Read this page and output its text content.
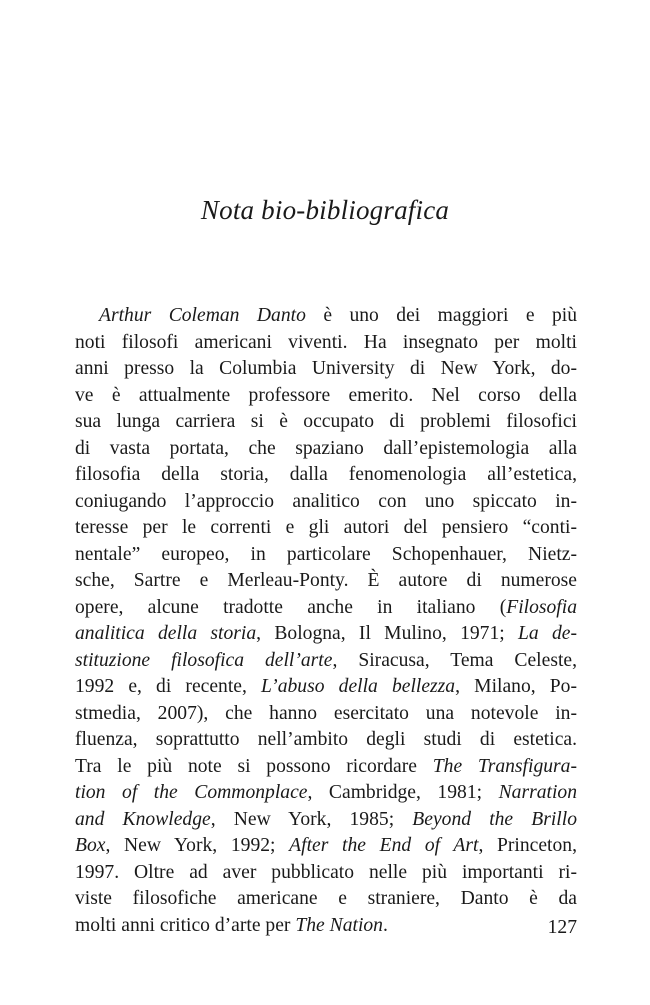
Nota bio-bibliografica
Arthur Coleman Danto è uno dei maggiori e più
noti filosofi americani viventi. Ha insegnato per molti
anni presso la Columbia University di New York, do-
ve è attualmente professore emerito. Nel corso della
sua lunga carriera si è occupato di problemi filosofici
di vasta portata, che spaziano dall’epistemologia alla
filosofia della storia, dalla fenomenologia all’estetica,
coniugando l’approccio analitico con uno spiccato in-
teresse per le correnti e gli autori del pensiero “conti-
nentale” europeo, in particolare Schopenhauer, Nietz-
sche, Sartre e Merleau-Ponty. È autore di numerose
opere, alcune tradotte anche in italiano (Filosofia
analitica della storia, Bologna, Il Mulino, 1971; La de-
stituzione filosofica dell’arte, Siracusa, Tema Celeste,
1992 e, di recente, L’abuso della bellezza, Milano, Po-
stmedia, 2007), che hanno esercitato una notevole in-
fluenza, soprattutto nell’ambito degli studi di estetica.
Tra le più note si possono ricordare The Transfigura-
tion of the Commonplace, Cambridge, 1981; Narration
and Knowledge, New York, 1985; Beyond the Brillo
Box, New York, 1992; After the End of Art, Princeton,
1997. Oltre ad aver pubblicato nelle più importanti ri-
viste filosofiche americane e straniere, Danto è da
molti anni critico d’arte per The Nation.	127
